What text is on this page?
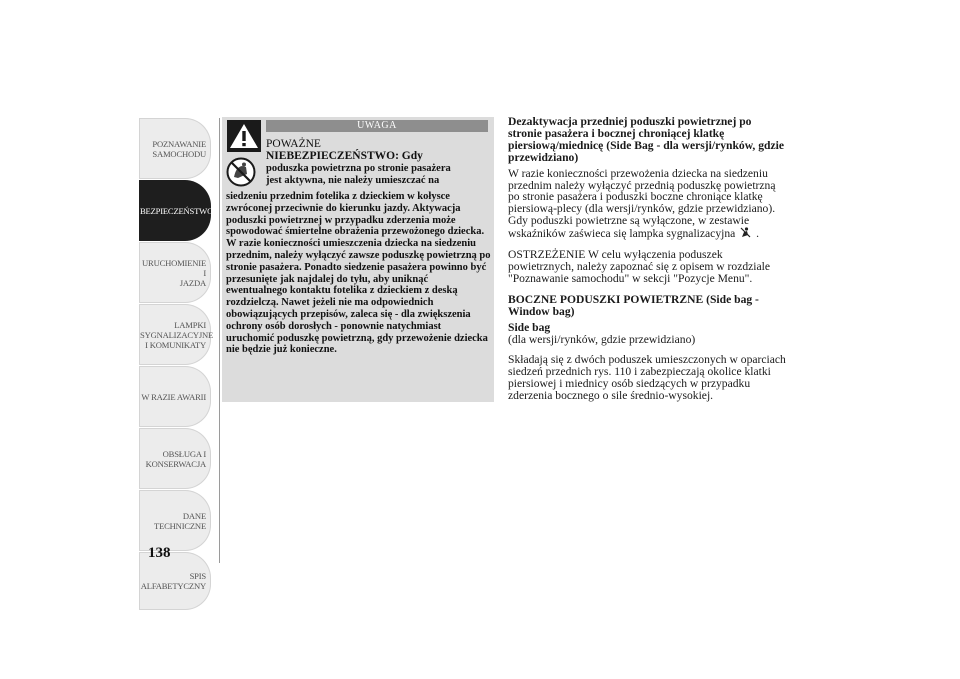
POZNAWANIE
SAMOCHODU
BEZPIECZEŃSTWO
URUCHOMIENIE I
JAZDA
LAMPKI
SYGNALIZACYJNE
I KOMUNIKATY
W RAZIE AWARII
OBSŁUGA I
KONSERWACJA
DANE
TECHNICZNE
SPIS
ALFABETYCZNY
138
UWAGA
POWAŻNE
NIEBEZPIECZEŃSTWO: Gdy
poduszka powietrzna po stronie pasażera
jest aktywna, nie należy umieszczać na
siedzeniu przednim fotelika z dzieckiem w kołysce zwróconej przeciwnie do kierunku jazdy. Aktywacja poduszki powietrznej w przypadku zderzenia może spowodować śmiertelne obrażenia przewożonego dziecka. W razie konieczności umieszczenia dziecka na siedzeniu przednim, należy wyłączyć zawsze poduszkę powietrzną po stronie pasażera. Ponadto siedzenie pasażera powinno być przesunięte jak najdalej do tyłu, aby uniknąć ewentualnego kontaktu fotelika z dzieckiem z deską rozdzielczą. Nawet jeżeli nie ma odpowiednich obowiązujących przepisów, zaleca się - dla zwiększenia ochrony osób dorosłych - ponownie natychmiast uruchomić poduszkę powietrzną, gdy przewożenie dziecka nie będzie już konieczne.

Dezaktywacja przedniej poduszki powietrznej po stronie pasażera i bocznej chroniącej klatkę piersiową/miednicę (Side Bag - dla wersji/rynków, gdzie przewidziano)

W razie konieczności przewożenia dziecka na siedzeniu przednim należy wyłączyć przednią poduszkę powietrzną po stronie pasażera i poduszki boczne chroniące klatkę piersiową-plecy (dla wersji/rynków, gdzie przewidziano). Gdy poduszki powietrzne są wyłączone, w zestawie wskaźników zaświeca się lampka sygnalizacyjna .

OSTRZEŻENIE W celu wyłączenia poduszek powietrznych, należy zapoznać się z opisem w rozdziale "Poznawanie samochodu" w sekcji "Pozycje Menu".

BOCZNE PODUSZKI POWIETRZNE (Side bag - Window bag)

Side bag
(dla wersji/rynków, gdzie przewidziano)

Składają się z dwóch poduszek umieszczonych w oparciach siedzeń przednich rys. 110 i zabezpieczają okolice klatki piersiowej i miednicy osób siedzących w przypadku zderzenia bocznego o sile średnio-wysokiej.
